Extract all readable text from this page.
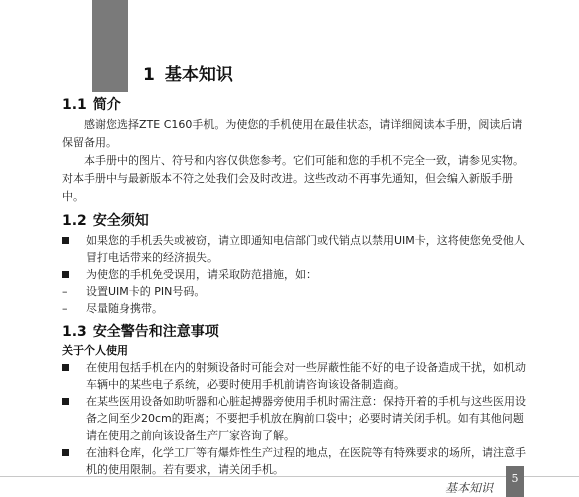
1 基本知识
1.1 简介

感谢您选择ZTE C160手机。为使您的手机使用在最佳状态，请详细阅读本手册，阅读后请保留备用。

本手册中的图片、符号和内容仅供您参考。它们可能和您的手机不完全一致，请参见实物。对本手册中与最新版本不符之处我们会及时改进。这些改动不再事先通知，但会编入新版手册中。

1.2 安全须知
如果您的手机丢失或被窃，请立即通知电信部门或代销点以禁用UIM卡，这将使您免受他人冒打电话带来的经济损失。
为使您的手机免受误用，请采取防范措施，如：
– 设置UIM卡的 PIN号码。
– 尽量随身携带。
1.3 安全警告和注意事项

关于个人使用

在使用包括手机在内的射频设备时可能会对一些屏蔽性能不好的电子设备造成干扰，如机动车辆中的某些电子系统，必要时使用手机前请咨询该设备制造商。
在某些医用设备如助听器和心脏起搏器旁使用手机时需注意：保持开着的手机与这些医用设备之间至少20cm的距离；不要把手机放在胸前口袋中；必要时请关闭手机。如有其他问题请在使用之前向该设备生产厂家咨询了解。
在油料仓库，化学工厂等有爆炸性生产过程的地点，在医院等有特殊要求的场所，请注意手机的使用限制。若有要求，请关闭手机。
基本知识
5
